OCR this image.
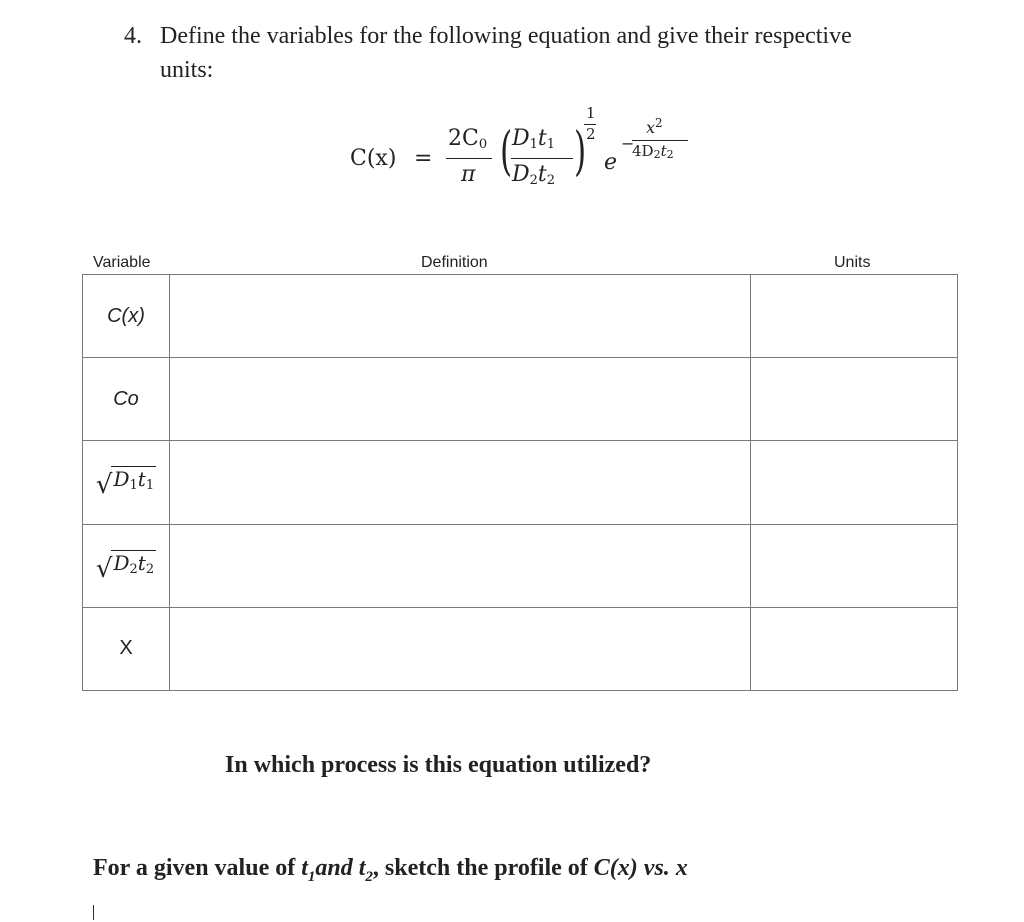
4. Define the variables for the following equation and give their respective
units:
C(x) =
$2C_0$
π ( $D_1t_1$
$D_2t_2$ )
1
2
e
−
$x^2$
$4D_2t_2$
Variable	Definition	Units
C(x)		
Co		

√ $D_1t_1$

√ $D_2t_2$

X		
In which process is this equation utilized?
For a given value of $t_1and$ $t_2$, sketch the profile of C(x) vs. x
